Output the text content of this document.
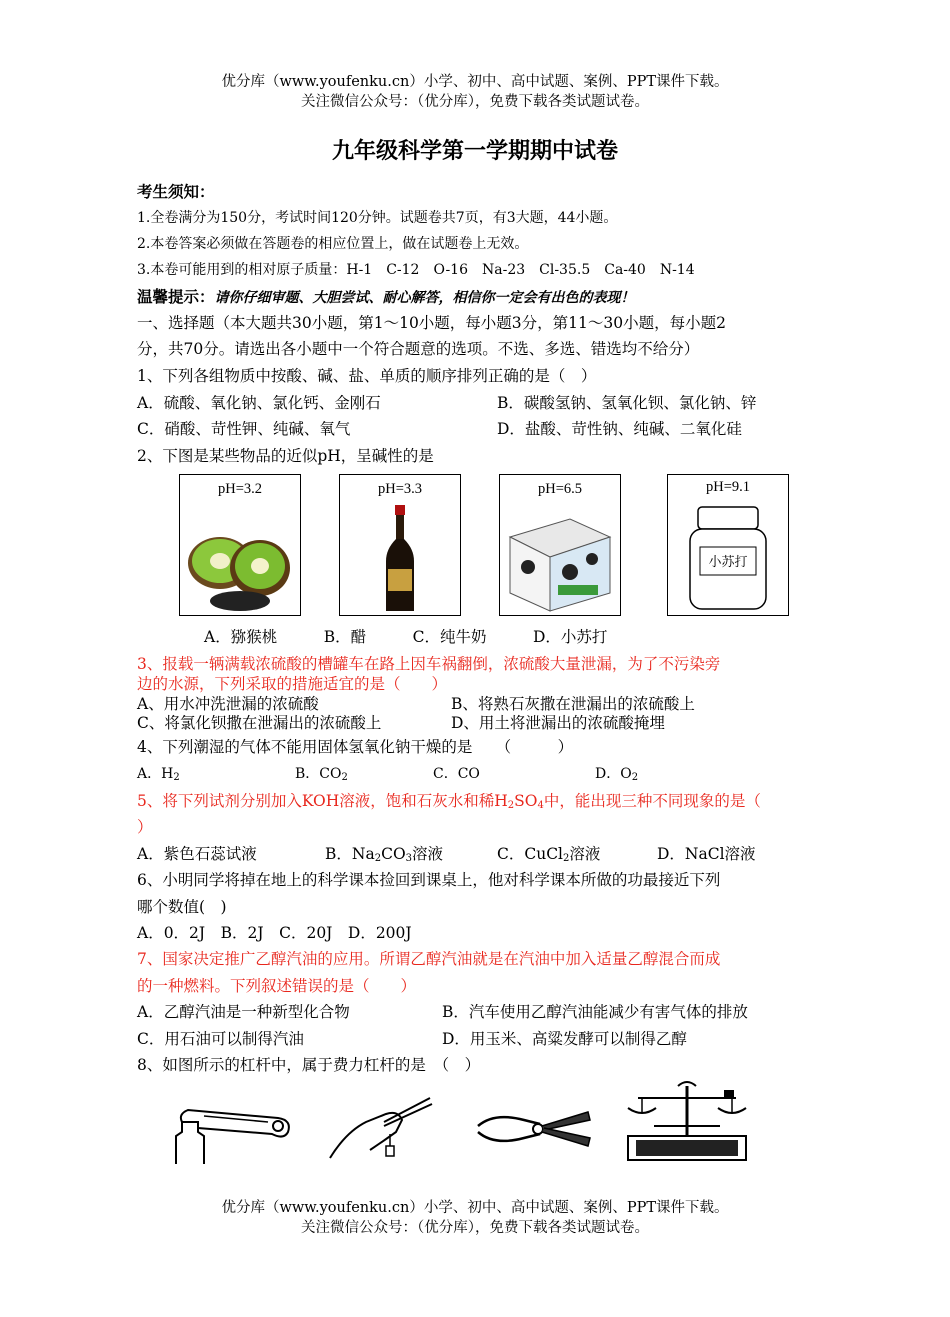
优分库（www.youfenku.cn）小学、初中、高中试题、案例、PPT课件下载。
关注微信公众号：（优分库），免费下载各类试题试卷。
九年级科学第一学期期中试卷
考生须知：
1.全卷满分为150分，考试时间120分钟。试题卷共7页，有3大题，44小题。
2.本卷答案必须做在答题卷的相应位置上，做在试题卷上无效。
3.本卷可能用到的相对原子质量：H-1　C-12　O-16　Na-23　Cl-35.5　Ca-40　N-14
温馨提示：请你仔细审题、大胆尝试、耐心解答，相信你一定会有出色的表现！
一、选择题（本大题共30小题，第1～10小题，每小题3分，第11～30小题，每小题2
分，共70分。请选出各小题中一个符合题意的选项。不选、多选、错选均不给分）
1、下列各组物质中按酸、碱、盐、单质的顺序排列正确的是（　）
A．硫酸、氧化钠、氯化钙、金刚石	B．碳酸氢钠、氢氧化钡、氯化钠、锌
C．硝酸、苛性钾、纯碱、氧气	D．盐酸、苛性钠、纯碱、二氧化硅
2、下图是某些物品的近似pH，呈碱性的是
pH=3.2	pH=3.3	pH=6.5	pH=9.1
小苏打
A．猕猴桃　　　B．醋　　　C．纯牛奶　　　D．小苏打
3、报载一辆满载浓硫酸的槽罐车在路上因车祸翻倒，浓硫酸大量泄漏，为了不污染旁
边的水源，下列采取的措施适宜的是（　　）
A、用水冲洗泄漏的浓硫酸	B、将熟石灰撒在泄漏出的浓硫酸上
C、将氯化钡撒在泄漏出的浓硫酸上	D、用土将泄漏出的浓硫酸掩埋
4、下列潮湿的气体不能用固体氢氧化钠干燥的是　　（　　　）
A．$H_2$	B．$CO_2$	C．CO	D．$O_2$
5、将下列试剂分别加入KOH溶液，饱和石灰水和稀$H_2SO_4$中，能出现三种不同现象的是（
）
A．紫色石蕊试液	B．$Na_2CO_3$溶液	C．CuCl$_2$溶液	D．NaCl溶液
6、小明同学将掉在地上的科学课本捡回到课桌上，他对科学课本所做的功最接近下列
哪个数值(　)
A．0．2J　B．2J　C．20J　D．200J
7、国家决定推广乙醇汽油的应用。所谓乙醇汽油就是在汽油中加入适量乙醇混合而成
的一种燃料。下列叙述错误的是（　　）
A．乙醇汽油是一种新型化合物	B．汽车使用乙醇汽油能减少有害气体的排放
C．用石油可以制得汽油	D．用玉米、高粱发酵可以制得乙醇
8、如图所示的杠杆中，属于费力杠杆的是　（　）
优分库（www.youfenku.cn）小学、初中、高中试题、案例、PPT课件下载。
关注微信公众号：（优分库），免费下载各类试题试卷。
